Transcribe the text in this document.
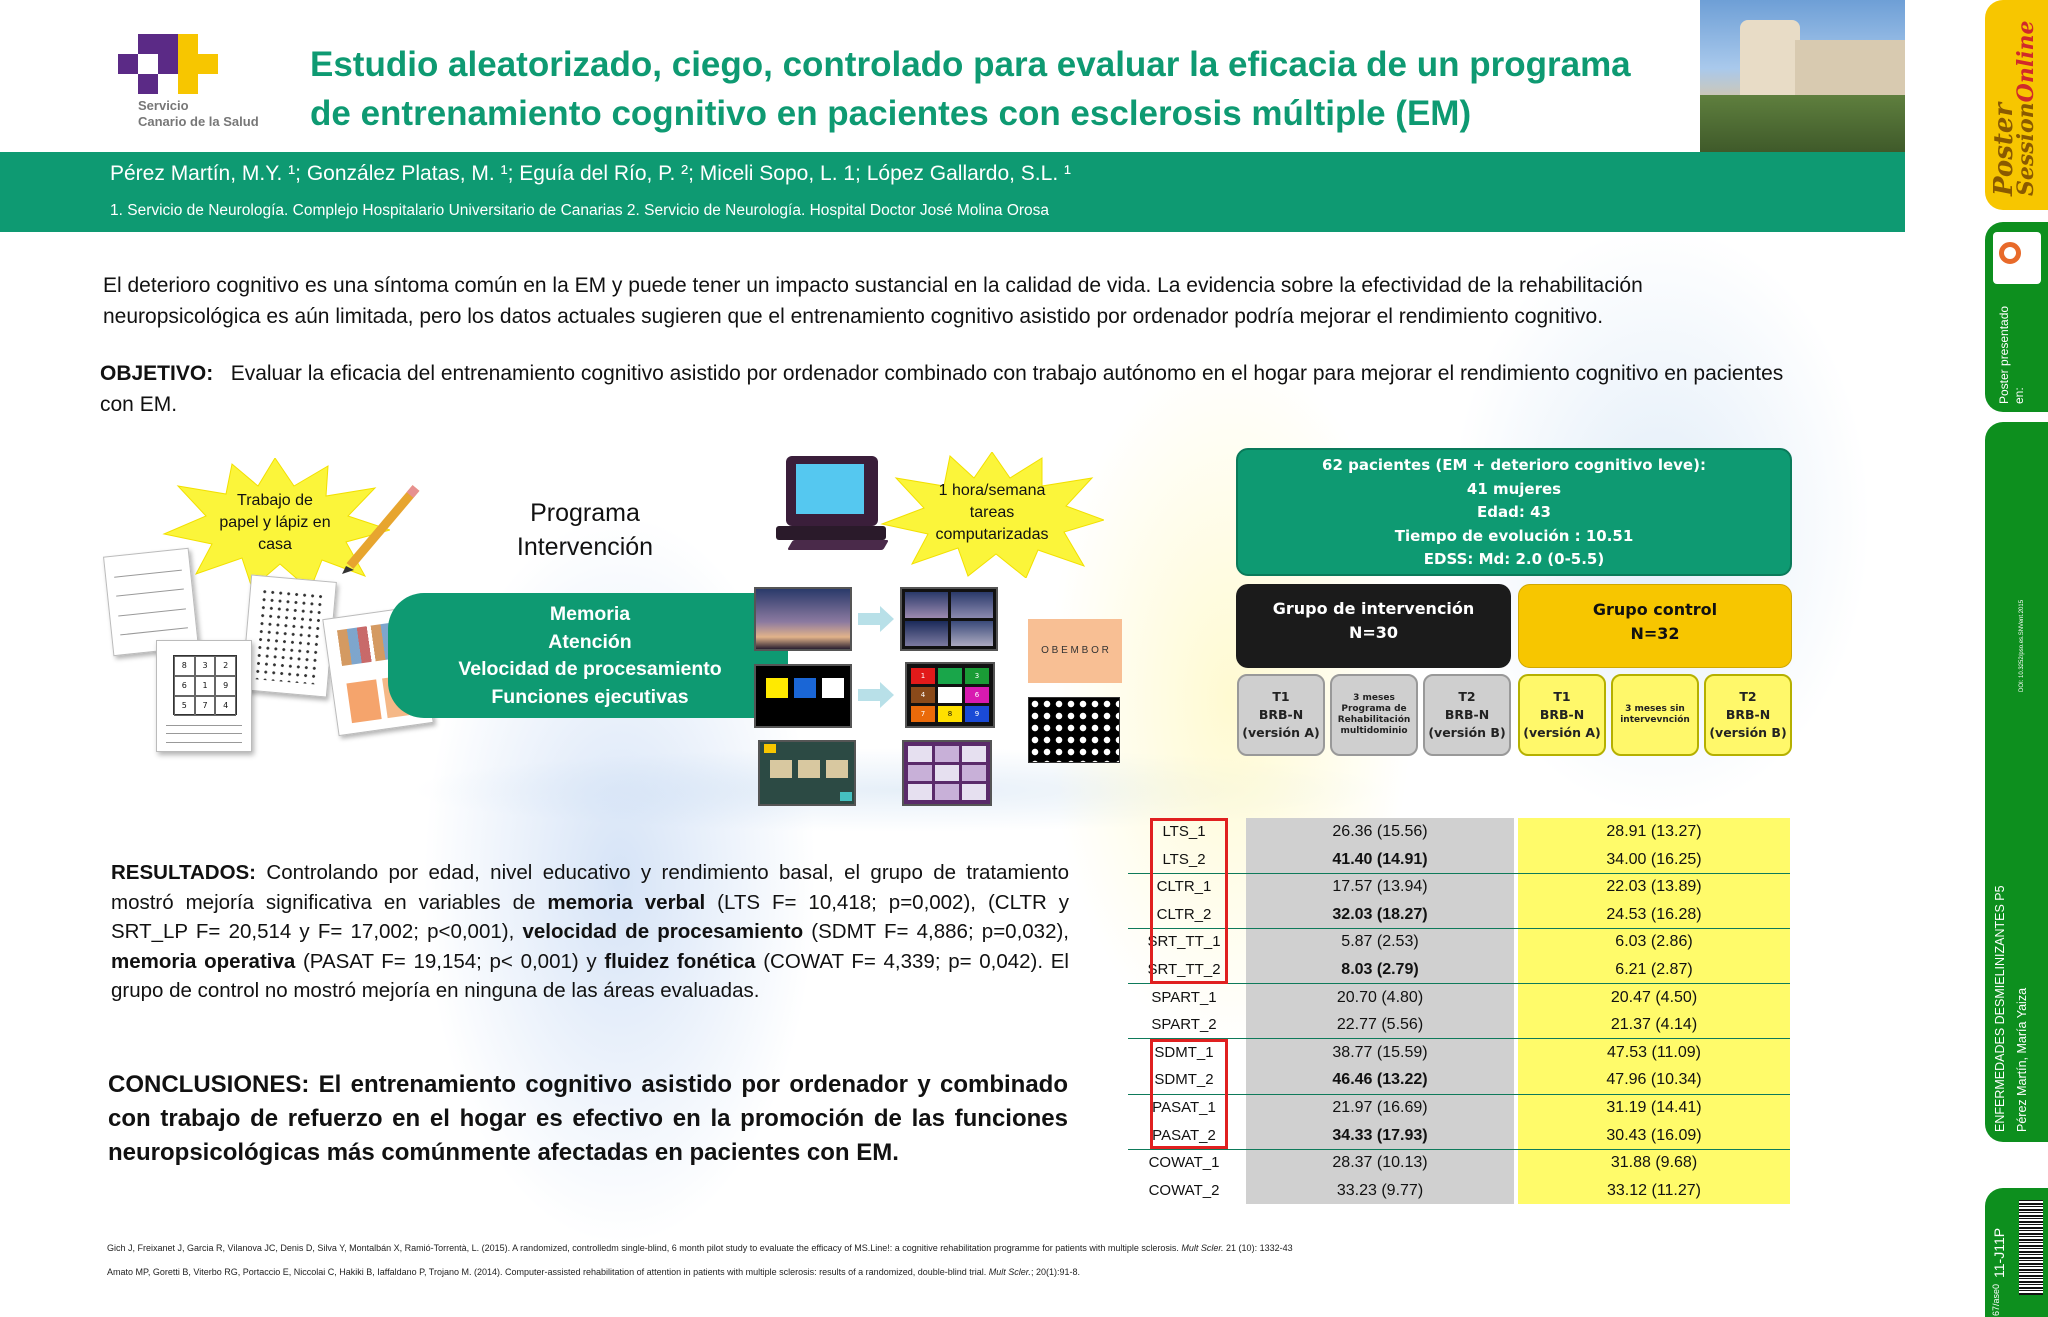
Servicio
Canario de la Salud
Estudio aleatorizado, ciego, controlado para evaluar la eficacia de un programa
de entrenamiento cognitivo en pacientes con esclerosis múltiple (EM)
Pérez Martín, M.Y. ¹; González Platas, M. ¹; Eguía del Río, P. ²; Miceli Sopo, L. 1; López Gallardo, S.L. ¹
1. Servicio de Neurología. Complejo Hospitalario Universitario de Canarias 2. Servicio de Neurología. Hospital Doctor José Molina Orosa
El deterioro cognitivo es una síntoma común en la EM y puede tener un impacto sustancial en la calidad de vida. La evidencia sobre la efectividad de la rehabilitación neuropsicológica es aún limitada, pero los datos actuales sugieren que el entrenamiento cognitivo asistido por ordenador podría mejorar el rendimiento cognitivo.
OBJETIVO: Evaluar la eficacia del entrenamiento cognitivo asistido por ordenador combinado con trabajo autónomo en el hogar para mejorar el rendimiento cognitivo en pacientes con EM.
Trabajo de
papel y lápiz en
casa
8	3	2
6	1	9
5	7	4
Programa
Intervención
Memoria
Atención
Velocidad de procesamiento
Funciones ejecutivas
1 hora/semana
tareas
computarizadas
1	3
4	6
7	8	9
O B E M B O R
62 pacientes (EM + deterioro cognitivo leve):
41 mujeres
Edad: 43
Tiempo de evolución : 10.51
EDSS: Md: 2.0 (0-5.5)
Grupo de intervención
N=30
Grupo control
N=32
T1
BRB-N
(versión A)
3 meses
Programa de
Rehabilitación
multidominio
T2
BRB-N
(versión B)
T1
BRB-N
(versión A)
3 meses sin
intervevnción
T2
BRB-N
(versión B)
LTS_1	26.36 (15.56)	28.91 (13.27)
LTS_2	41.40 (14.91)	34.00 (16.25)
CLTR_1	17.57 (13.94)	22.03 (13.89)
CLTR_2	32.03 (18.27)	24.53 (16.28)
SRT_TT_1	5.87 (2.53)	6.03 (2.86)
SRT_TT_2	8.03 (2.79)	6.21 (2.87)
SPART_1	20.70 (4.80)	20.47 (4.50)
SPART_2	22.77 (5.56)	21.37 (4.14)
SDMT_1	38.77 (15.59)	47.53 (11.09)
SDMT_2	46.46 (13.22)	47.96 (10.34)
PASAT_1	21.97 (16.69)	31.19 (14.41)
PASAT_2	34.33 (17.93)	30.43 (16.09)
COWAT_1	28.37 (10.13)	31.88 (9.68)
COWAT_2	33.23 (9.77)	33.12 (11.27)
RESULTADOS: Controlando por edad, nivel educativo y rendimiento basal, el grupo de tratamiento mostró mejoría significativa en variables de memoria verbal (LTS F= 10,418; p=0,002), (CLTR y SRT_LP F= 20,514 y F= 17,002; p<0,001), velocidad de procesamiento (SDMT F= 4,886; p=0,032), memoria operativa (PASAT F= 19,154; p< 0,001) y fluidez fonética (COWAT F= 4,339; p= 0,042). El grupo de control no mostró mejoría en ninguna de las áreas evaluadas.
CONCLUSIONES: El entrenamiento cognitivo asistido por ordenador y combinado con trabajo de refuerzo en el hogar es efectivo en la promoción de las funciones neuropsicológicas más comúnmente afectadas en pacientes con EM.
Gich J, Freixanet J, Garcia R, Vilanova JC, Denis D, Silva Y, Montalbán X, Ramió-Torrentà, L. (2015). A randomized, controlledm single-blind, 6 month pilot study to evaluate the efficacy of MS.Line!: a cognitive rehabilitation programme for patients with multiple sclerosis. Mult Scler. 21 (10): 1332-43
Amato MP, Goretti B, Viterbo RG, Portaccio E, Niccolai C, Hakiki B, Iaffaldano P, Trojano M. (2014). Computer-assisted rehabilitation of attention in patients with multiple sclerosis: results of a randomized, double-blind trial. Mult Scler.; 20(1):91-8.
Poster
SessionOnline
Poster presentado en:
DOI: 10.3252/pso.es.SNVent.2015
ENFERMEDADES DESMIELINIZANTES P5 Pérez Martín, María Yaiza
11-J11P
67/ase0
